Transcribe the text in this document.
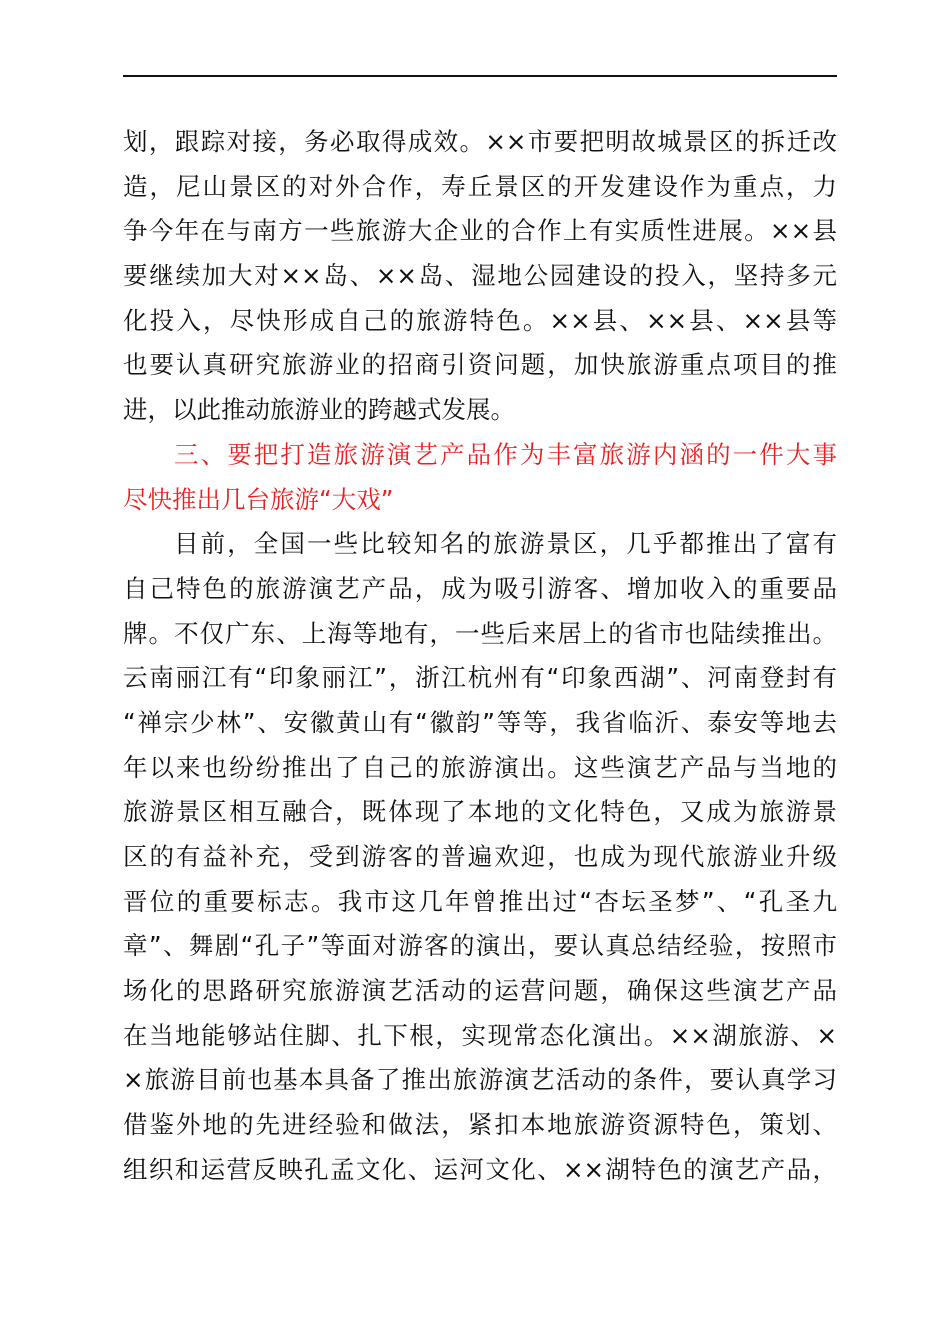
划，跟踪对接，务必取得成效。××市要把明故城景区的拆迁改
造，尼山景区的对外合作，寿丘景区的开发建设作为重点，力
争今年在与南方一些旅游大企业的合作上有实质性进展。××县
要继续加大对××岛、××岛、湿地公园建设的投入，坚持多元
化投入，尽快形成自己的旅游特色。××县、××县、××县等
也要认真研究旅游业的招商引资问题，加快旅游重点项目的推
进，以此推动旅游业的跨越式发展。
三、要把打造旅游演艺产品作为丰富旅游内涵的一件大事
尽快推出几台旅游“大戏”
目前，全国一些比较知名的旅游景区，几乎都推出了富有
自己特色的旅游演艺产品，成为吸引游客、增加收入的重要品
牌。不仅广东、上海等地有，一些后来居上的省市也陆续推出。
云南丽江有“印象丽江”，浙江杭州有“印象西湖”、河南登封有
“禅宗少林”、安徽黄山有“徽韵”等等，我省临沂、泰安等地去
年以来也纷纷推出了自己的旅游演出。这些演艺产品与当地的
旅游景区相互融合，既体现了本地的文化特色，又成为旅游景
区的有益补充，受到游客的普遍欢迎，也成为现代旅游业升级
晋位的重要标志。我市这几年曾推出过“杏坛圣梦”、“孔圣九
章”、舞剧“孔子”等面对游客的演出，要认真总结经验，按照市
场化的思路研究旅游演艺活动的运营问题，确保这些演艺产品
在当地能够站住脚、扎下根，实现常态化演出。××湖旅游、×
×旅游目前也基本具备了推出旅游演艺活动的条件，要认真学习
借鉴外地的先进经验和做法，紧扣本地旅游资源特色，策划、
组织和运营反映孔孟文化、运河文化、××湖特色的演艺产品，
